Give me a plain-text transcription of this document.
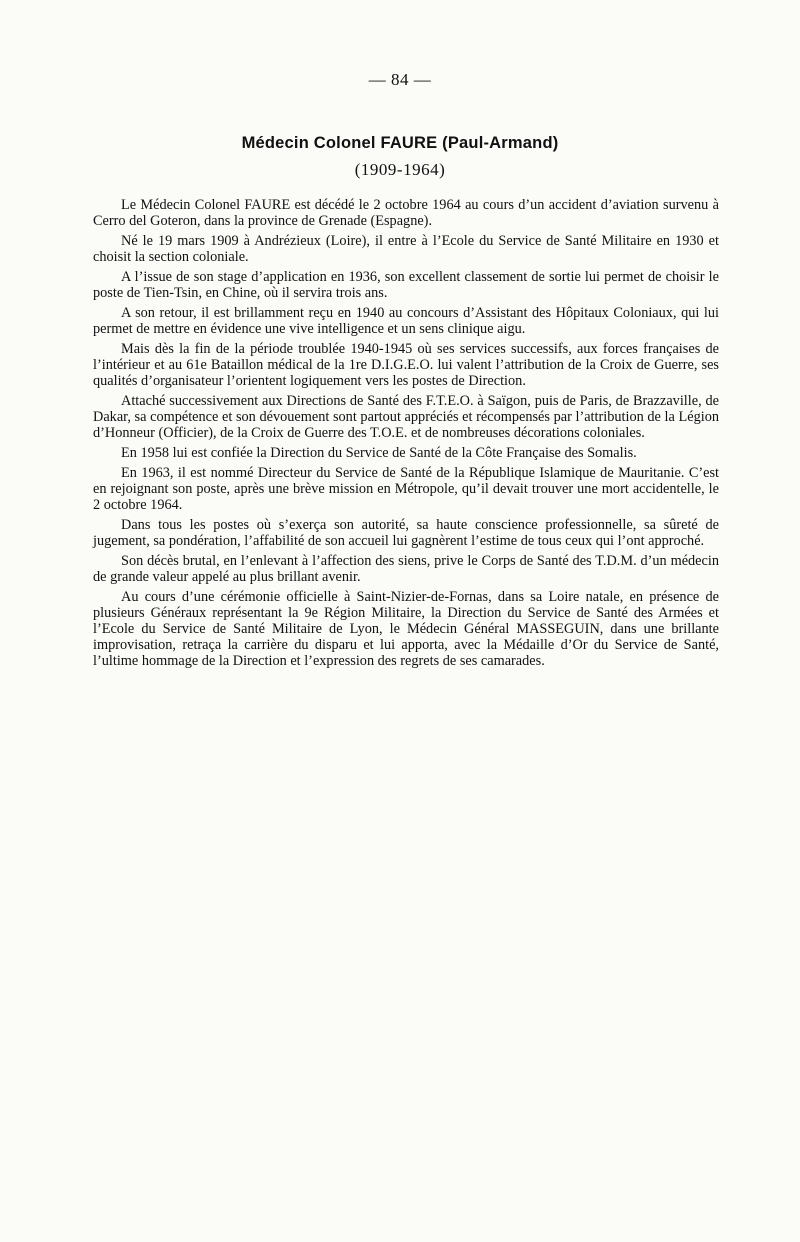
— 84 —
Médecin Colonel FAURE (Paul-Armand)
(1909-1964)

Le Médecin Colonel FAURE est décédé le 2 octobre 1964 au cours d’un accident d’aviation survenu à Cerro del Goteron, dans la province de Grenade (Espagne).

Né le 19 mars 1909 à Andrézieux (Loire), il entre à l’Ecole du Service de Santé Militaire en 1930 et choisit la section coloniale.

A l’issue de son stage d’application en 1936, son excellent classement de sortie lui permet de choisir le poste de Tien-Tsin, en Chine, où il servira trois ans.

A son retour, il est brillamment reçu en 1940 au concours d’Assistant des Hôpitaux Coloniaux, qui lui permet de mettre en évidence une vive intelligence et un sens clinique aigu.

Mais dès la fin de la période troublée 1940-1945 où ses services successifs, aux forces françaises de l’intérieur et au 61e Bataillon médical de la 1re D.I.G.E.O. lui valent l’attribution de la Croix de Guerre, ses qualités d’organisateur l’orientent logiquement vers les postes de Direction.

Attaché successivement aux Directions de Santé des F.T.E.O. à Saïgon, puis de Paris, de Brazzaville, de Dakar, sa compétence et son dévouement sont partout appréciés et récompensés par l’attribution de la Légion d’Honneur (Officier), de la Croix de Guerre des T.O.E. et de nombreuses décorations coloniales.

En 1958 lui est confiée la Direction du Service de Santé de la Côte Française des Somalis.

En 1963, il est nommé Directeur du Service de Santé de la République Islamique de Mauritanie. C’est en rejoignant son poste, après une brève mission en Métropole, qu’il devait trouver une mort accidentelle, le 2 octobre 1964.

Dans tous les postes où s’exerça son autorité, sa haute conscience professionnelle, sa sûreté de jugement, sa pondération, l’affabilité de son accueil lui gagnèrent l’estime de tous ceux qui l’ont approché.

Son décès brutal, en l’enlevant à l’affection des siens, prive le Corps de Santé des T.D.M. d’un médecin de grande valeur appelé au plus brillant avenir.

Au cours d’une cérémonie officielle à Saint-Nizier-de-Fornas, dans sa Loire natale, en présence de plusieurs Généraux représentant la 9e Région Militaire, la Direction du Service de Santé des Armées et l’Ecole du Service de Santé Militaire de Lyon, le Médecin Général MASSEGUIN, dans une brillante improvisation, retraça la carrière du disparu et lui apporta, avec la Médaille d’Or du Service de Santé, l’ultime hommage de la Direction et l’expression des regrets de ses camarades.
